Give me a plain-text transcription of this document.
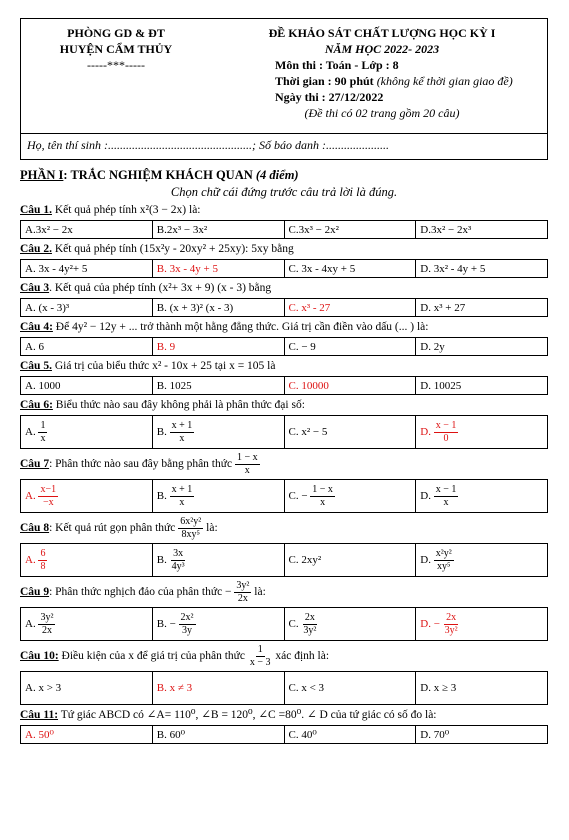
PHÒNG GD & ĐT
HUYỆN CẨM THỦY
-----***-----
ĐỀ KHẢO SÁT CHẤT LƯỢNG HỌC KỲ I
NĂM HỌC 2022- 2023
Môn thi : Toán - Lớp : 8
Thời gian : 90 phút (không kể thời gian giao đề)
Ngày thi : 27/12/2022
(Đề thi có 02 trang gồm 20 câu)
Họ, tên thí sinh :................................................; Số báo danh :.....................
PHẦN I: TRẮC NGHIỆM KHÁCH QUAN (4 điểm)
Chọn chữ cái đứng trước câu trả lời là đúng.
Câu 1. Kết quả phép tính x²(3 − 2x) là:
A.3x² − 2x	B.2x³ − 3x²	C.3x³ − 2x²	D.3x² − 2x³
Câu 2. Kết quả phép tính (15x²y - 20xy² + 25xy): 5xy bằng
A. 3x - 4y²+ 5	B. 3x - 4y + 5	C. 3x - 4xy + 5	D. 3x² - 4y + 5
Câu 3. Kết quả của phép tính (x²+ 3x + 9) (x - 3) bằng
A. (x - 3)³	B. (x + 3)² (x - 3)	C. x³ - 27	D. x³ + 27
Câu 4: Để 4y² − 12y + ... trở thành một hằng đẳng thức. Giá trị cần điền vào dấu (... ) là:
A. 6	B. 9	C. − 9	D. 2y
Câu 5. Giá trị của biểu thức x² - 10x + 25 tại x = 105 là
A. 1000	B. 1025	C. 10000	D. 10025
Câu 6: Biểu thức nào sau đây không phải là phân thức đại số:
A. $\frac{1}{x}$	B. $\frac{x + 1}{x}$	C. x² − 5	D. $\frac{x - 1}{0}$
Câu 7: Phân thức nào sau đây bằng phân thức $\frac{1 - x}{x}$
A. $\frac{x-1}{-x}$	B. $\frac{x + 1}{x}$	C. − $\frac{1 - x}{x}$	D. $\frac{x - 1}{x}$
Câu 8: Kết quả rút gọn phân thức $\frac{\text{6x²y²}}{\text{8xy⁵}}$ là:
A. $\frac{6}{8}$	B. $\frac{3x}{\text{4y³}}$	C. 2xy²	D. $\frac{\text{x²y²}}{\text{xy⁵}}$
Câu 9: Phân thức nghịch đảo của phân thức − $\frac{\text{3y²}}{2x}$ là:
A. $\frac{\text{3y²}}{2x}$	B. − $\frac{\text{2x²}}{3y}$	C. $\frac{2x}{\text{3y²}}$	D. − $\frac{2x}{\text{3y²}}$
Câu 10: Điều kiện của x để giá trị của phân thức $\frac{1}{x - 3}$ xác định là:
A. x > 3	B. x ≠ 3	C. x < 3	D. x ≥ 3
Câu 11: Tứ giác ABCD có ∠A= 110⁰, ∠B = 120⁰, ∠C =80⁰. ∠ D của tứ giác có số đo là:
A. 50⁰	B. 60⁰	C. 40⁰	D. 70⁰
